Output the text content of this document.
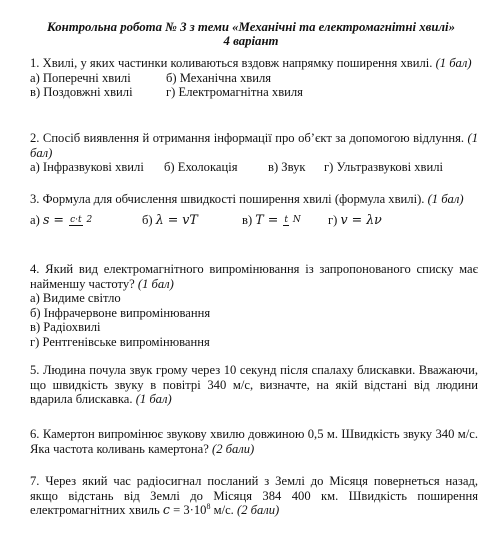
Контрольна робота № 3 з теми «Механічні та електромагнітні хвилі»
4 варіант

1. Хвилі, у яких частинки коливаються вздовж напрямку поширення хвилі. (1 бал)

а) Поперечні хвилі	б) Механічна хвиля
в) Поздовжні хвилі	г) Електромагнітна хвиля

2. Спосіб виявлення й отримання інформації про об’єкт за допомогою відлуння. (1 бал)

а) Інфразвукові хвилі	б) Ехолокація	в) Звук	г) Ультразвукові хвилі

3. Формула для обчислення швидкості поширення хвилі (формула хвилі). (1 бал)

а) s = c·t 2	б) λ = vT	в) T = t N	г) v = λν

4. Який вид електромагнітного випромінювання із запропонованого списку має найменшу частоту? (1 бал)

а) Видиме світло
б) Інфрачервоне випромінювання
в) Радіохвилі
г) Рентгенівське випромінювання

5. Людина почула звук грому через 10 секунд після спалаху блискавки. Вважаючи, що швидкість звуку в повітрі 340 м/с, визначте, на якій відстані від людини вдарила блискавка. (1 бал)

6. Камертон випромінює звукову хвилю довжиною 0,5 м. Швидкість звуку 340 м/с. Яка частота коливань камертона? (2 бали)

7. Через який час радіосигнал посланий з Землі до Місяця повернеться назад, якщо відстань від Землі до Місяця 384 400 км. Швидкість поширення електромагнітних хвиль $c = 3\cdot 10^8$ м/с. (2 бали)
